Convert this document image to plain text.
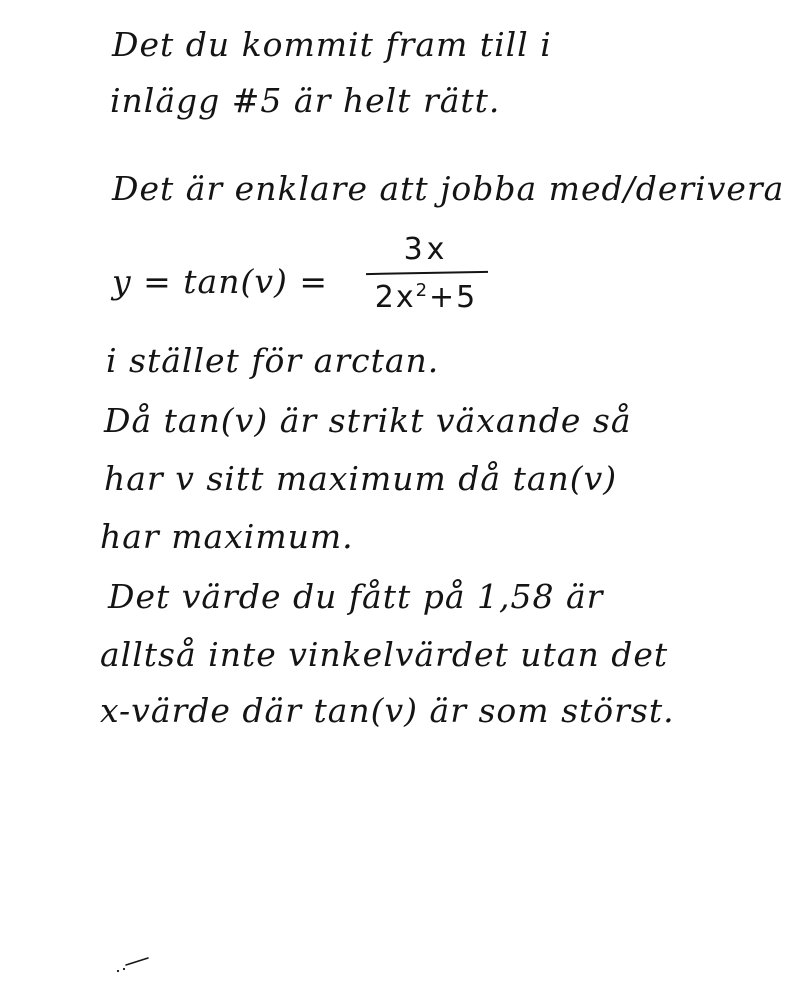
Det du kommit fram till i
inlägg #5 är helt rätt.
Det är enklare att jobba med/derivera
y = tan(v) =
3x
$2x^2+5$
i stället för arctan.
Då tan(v) är strikt växande så
har v sitt maximum då tan(v)
har maximum.
Det värde du fått på 1,58 är
alltså inte vinkelvärdet utan det
x-värde där tan(v) är som störst.
